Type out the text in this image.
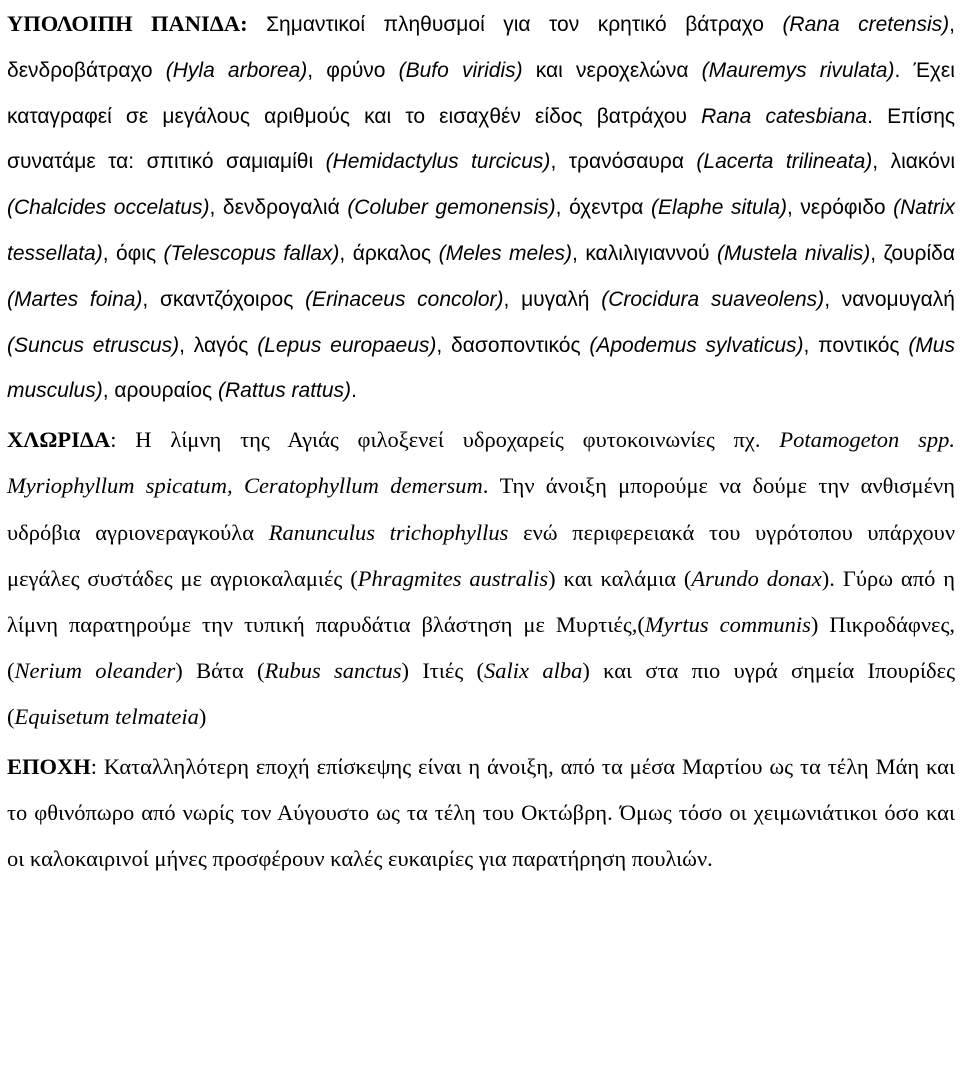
ΥΠΟΛΟΙΠΗ ΠΑΝΙΔΑ: Σημαντικοί πληθυσμοί για τον κρητικό βάτραχο (Rana cretensis), δενδροβάτραχο (Hyla arborea), φρύνο (Bufo viridis) και νεροχελώνα (Mauremys rivulata). Έχει καταγραφεί σε μεγάλους αριθμούς και το εισαχθέν είδος βατράχου Rana catesbiana. Επίσης συνατάμε τα: σπιτικό σαμιαμίθι (Hemidactylus turcicus), τρανόσαυρα (Lacerta trilineata), λιακόνι (Chalcides occelatus), δενδρογαλιά (Coluber gemonensis), όχεντρα (Elaphe situla), νερόφιδο (Natrix tessellata), όφις (Telescopus fallax), άρκαλος (Meles meles), καλιλιγιαννού (Mustela nivalis), ζουρίδα (Martes foina), σκαντζόχοιρος (Erinaceus concolor), μυγαλή (Crocidura suaveolens), νανομυγαλή (Suncus etruscus), λαγός (Lepus europaeus), δασοποντικός (Apodemus sylvaticus), ποντικός (Mus musculus), αρουραίος (Rattus rattus).

ΧΛΩΡΙΔΑ: Η λίμνη της Αγιάς φιλοξενεί υδροχαρείς φυτοκοινωνίες πχ. Potamogeton spp. Myriophyllum spicatum, Ceratophyllum demersum. Την άνοιξη μπορούμε να δούμε την ανθισμένη υδρόβια αγριονεραγκούλα Ranunculus trichophyllus ενώ περιφερειακά του υγρότοπου υπάρχουν μεγάλες συστάδες με αγριοκαλαμιές (Phragmites australis) και καλάμια (Arundo donax). Γύρω από η λίμνη παρατηρούμε την τυπική παρυδάτια βλάστηση με Μυρτιές,(Myrtus communis) Πικροδάφνες, (Nerium oleander) Βάτα (Rubus sanctus) Ιτιές (Salix alba) και στα πιο υγρά σημεία Ιπουρίδες (Equisetum telmateia)

ΕΠΟΧΗ: Καταλληλότερη εποχή επίσκεψης είναι η άνοιξη, από τα μέσα Μαρτίου ως τα τέλη Μάη και το φθινόπωρο από νωρίς τον Αύγουστο ως τα τέλη του Οκτώβρη. Όμως τόσο οι χειμωνιάτικοι όσο και οι καλοκαιρινοί μήνες προσφέρουν καλές ευκαιρίες για παρατήρηση πουλιών.
